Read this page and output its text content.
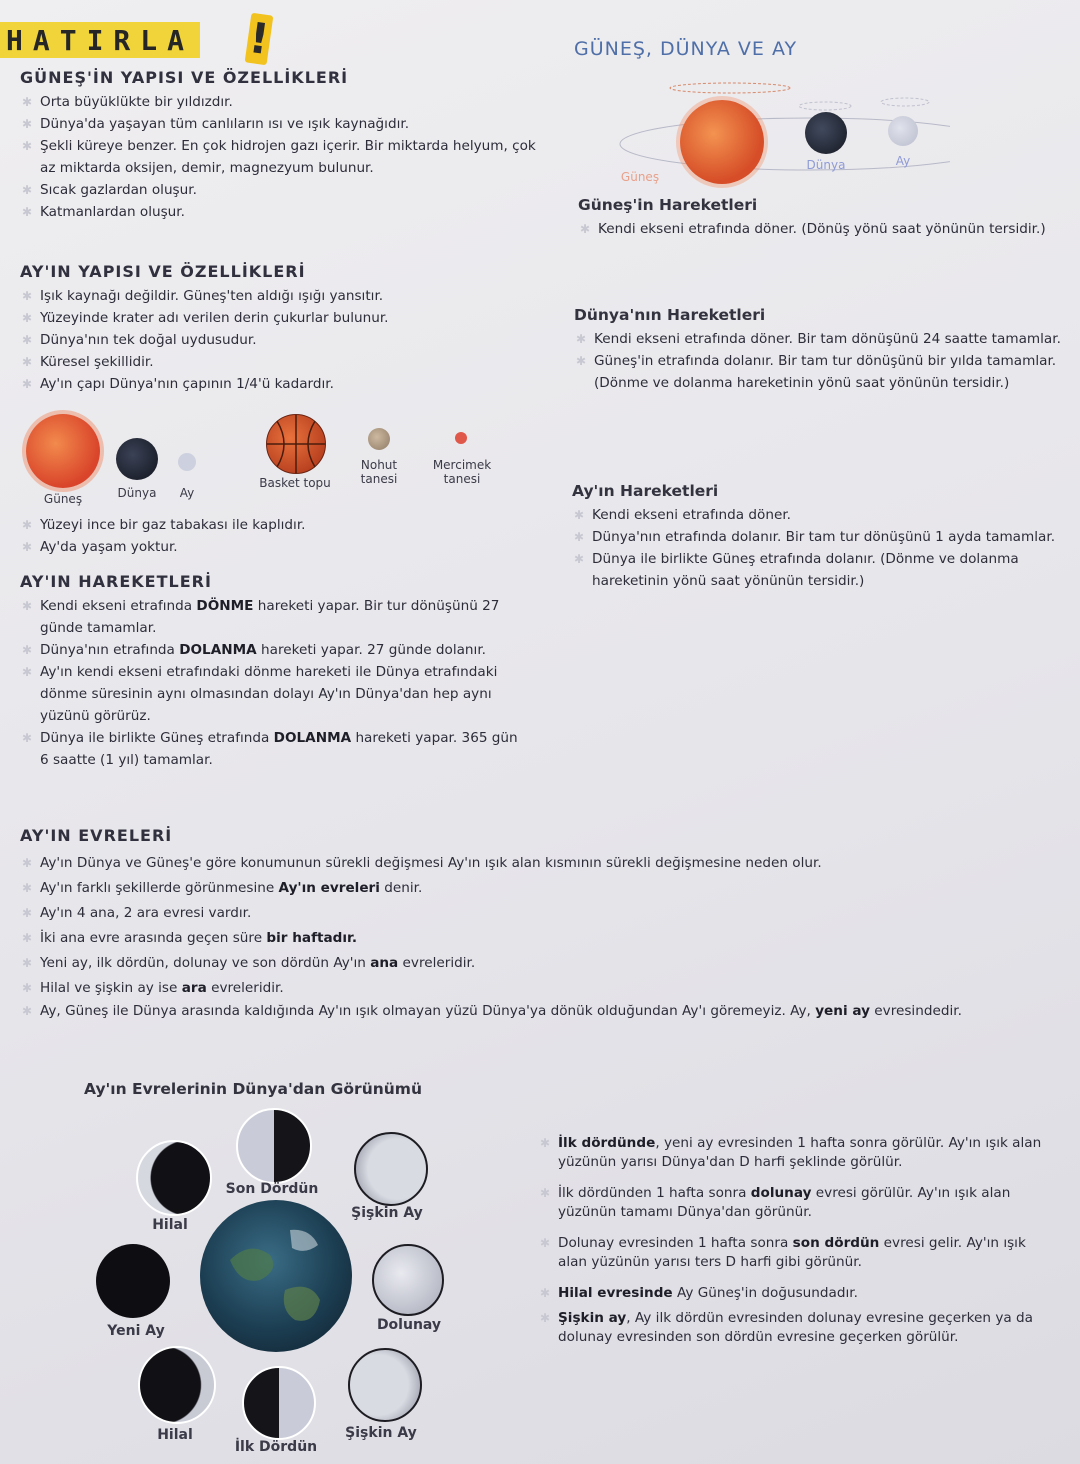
HATIRLA !
GÜNEŞ'İN YAPISI VE ÖZELLİKLERİ
✱ Orta büyüklükte bir yıldızdır.
✱ Dünya'da yaşayan tüm canlıların ısı ve ışık kaynağıdır.
✱ Şekli küreye benzer. En çok hidrojen gazı içerir. Bir miktarda helyum, çok az miktarda oksijen, demir, magnezyum bulunur.
✱ Sıcak gazlardan oluşur.
✱ Katmanlardan oluşur.
AY'IN YAPISI VE ÖZELLİKLERİ
✱ Işık kaynağı değildir. Güneş'ten aldığı ışığı yansıtır.
✱ Yüzeyinde krater adı verilen derin çukurlar bulunur.
✱ Dünya'nın tek doğal uydusudur.
✱ Küresel şekillidir.
✱ Ay'ın çapı Dünya'nın çapının 1/4'ü kadardır.
Güneş	Dünya	Ay
Basket topu
Nohut tanesi
Mercimek tanesi
✱ Yüzeyi ince bir gaz tabakası ile kaplıdır.
✱ Ay'da yaşam yoktur.
AY'IN HAREKETLERİ
✱ Kendi ekseni etrafında DÖNME hareketi yapar. Bir tur dönüşünü 27 günde tamamlar.
✱ Dünya'nın etrafında DOLANMA hareketi yapar. 27 günde dolanır.
✱ Ay'ın kendi ekseni etrafındaki dönme hareketi ile Dünya etrafındaki dönme süresinin aynı olmasından dolayı Ay'ın Dünya'dan hep aynı yüzünü görürüz.
✱ Dünya ile birlikte Güneş etrafında DOLANMA hareketi yapar. 365 gün 6 saatte (1 yıl) tamamlar.
GÜNEŞ, DÜNYA VE AY
Güneş
Dünya	Ay
Güneş'in Hareketleri
✱ Kendi ekseni etrafında döner. (Dönüş yönü saat yönünün tersidir.)
Dünya'nın Hareketleri
✱ Kendi ekseni etrafında döner. Bir tam dönüşünü 24 saatte tamamlar.
✱ Güneş'in etrafında dolanır. Bir tam tur dönüşünü bir yılda tamamlar. (Dönme ve dolanma hareketinin yönü saat yönünün tersidir.)
Ay'ın Hareketleri
✱ Kendi ekseni etrafında döner.
✱ Dünya'nın etrafında dolanır. Bir tam tur dönüşünü 1 ayda tamamlar.
✱ Dünya ile birlikte Güneş etrafında dolanır. (Dönme ve dolanma hareketinin yönü saat yönünün tersidir.)
AY'IN EVRELERİ
✱ Ay'ın Dünya ve Güneş'e göre konumunun sürekli değişmesi Ay'ın ışık alan kısmının sürekli değişmesine neden olur.
✱ Ay'ın farklı şekillerde görünmesine Ay'ın evreleri denir.
✱ Ay'ın 4 ana, 2 ara evresi vardır.
✱ İki ana evre arasında geçen süre bir haftadır.
✱ Yeni ay, ilk dördün, dolunay ve son dördün Ay'ın ana evreleridir.
✱ Hilal ve şişkin ay ise ara evreleridir.
✱ Ay, Güneş ile Dünya arasında kaldığında Ay'ın ışık olmayan yüzü Dünya'ya dönük olduğundan Ay'ı göremeyiz. Ay, yeni ay evresindedir.
Ay'ın Evrelerinin Dünya'dan Görünümü
Son Dördün
Şişkin Ay
Hilal
Yeni Ay	Dolunay
Hilal
İlk Dördün
Şişkin Ay
✱ İlk dördünde, yeni ay evresinden 1 hafta sonra görülür. Ay'ın ışık alan yüzünün yarısı Dünya'dan D harfi şeklinde görülür.
✱ İlk dördünden 1 hafta sonra dolunay evresi görülür. Ay'ın ışık alan yüzünün tamamı Dünya'dan görünür.
✱ Dolunay evresinden 1 hafta sonra son dördün evresi gelir. Ay'ın ışık alan yüzünün yarısı ters D harfi gibi görünür.
✱ Hilal evresinde Ay Güneş'in doğusundadır.
✱ Şişkin ay, Ay ilk dördün evresinden dolunay evresine geçerken ya da dolunay evresinden son dördün evresine geçerken görülür.
